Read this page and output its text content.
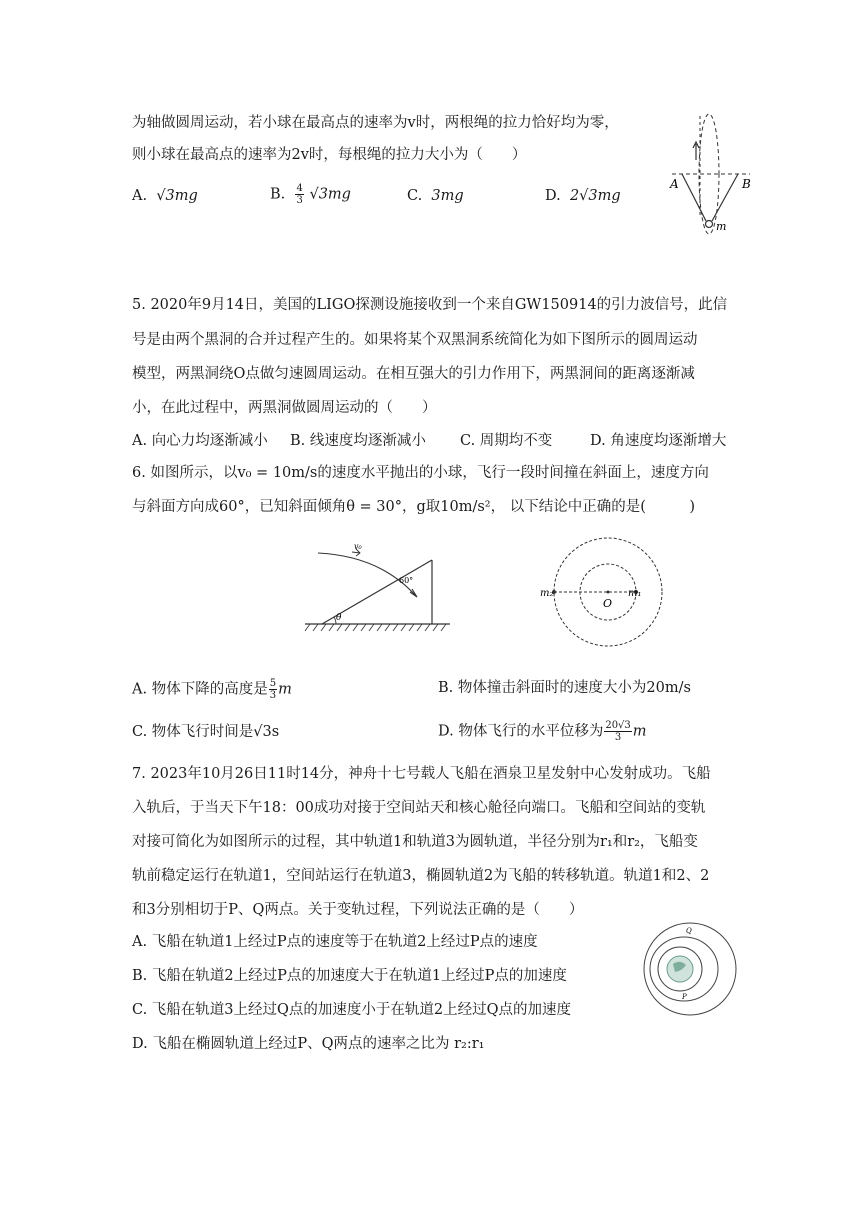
为轴做圆周运动，若小球在最高点的速率为v时，两根绳的拉力恰好均为零，
则小球在最高点的速率为2v时，每根绳的拉力大小为（　　）
A. √3mg	B. $\frac{4}{3} √3mg$	C. 3mg	D. 2√3mg
A	B
m
5. 2020年9月14日，美国的LIGO探测设施接收到一个来自GW150914的引力波信号，此信
号是由两个黑洞的合并过程产生的。如果将某个双黑洞系统简化为如下图所示的圆周运动
模型，两黑洞绕O点做匀速圆周运动。在相互强大的引力作用下，两黑洞间的距离逐渐减
小，在此过程中，两黑洞做圆周运动的（　　）
A. 向心力均逐渐减小 B. 线速度均逐渐减小 C. 周期均不变	D. 角速度均逐渐增大
6. 如图所示，以v₀ = 10m/s的速度水平抛出的小球，飞行一段时间撞在斜面上，速度方向
与斜面方向成60°，已知斜面倾角θ = 30°，g取10m/s²， 以下结论中正确的是(　　　)
v₀
60°
θ
m₂	m₁
O
A. 物体下降的高度是 $\frac{5}{3}$ m	B. 物体撞击斜面时的速度大小为20m/s
C. 物体飞行时间是√3s	D. 物体飞行的水平位移为 $\frac{20√3}{3}$ m
7. 2023年10月26日11时14分，神舟十七号载人飞船在酒泉卫星发射中心发射成功。飞船
入轨后，于当天下午18：00成功对接于空间站天和核心舱径向端口。飞船和空间站的变轨
对接可简化为如图所示的过程，其中轨道1和轨道3为圆轨道，半径分别为r₁和r₂，飞船变
轨前稳定运行在轨道1，空间站运行在轨道3，椭圆轨道2为飞船的转移轨道。轨道1和2、2
和3分别相切于P、Q两点。关于变轨过程，下列说法正确的是（　　）
A. 飞船在轨道1上经过P点的速度等于在轨道2上经过P点的速度
B. 飞船在轨道2上经过P点的加速度大于在轨道1上经过P点的加速度
C. 飞船在轨道3上经过Q点的加速度小于在轨道2上经过Q点的加速度
D. 飞船在椭圆轨道上经过P、Q两点的速率之比为 r₂:r₁
Q
P
